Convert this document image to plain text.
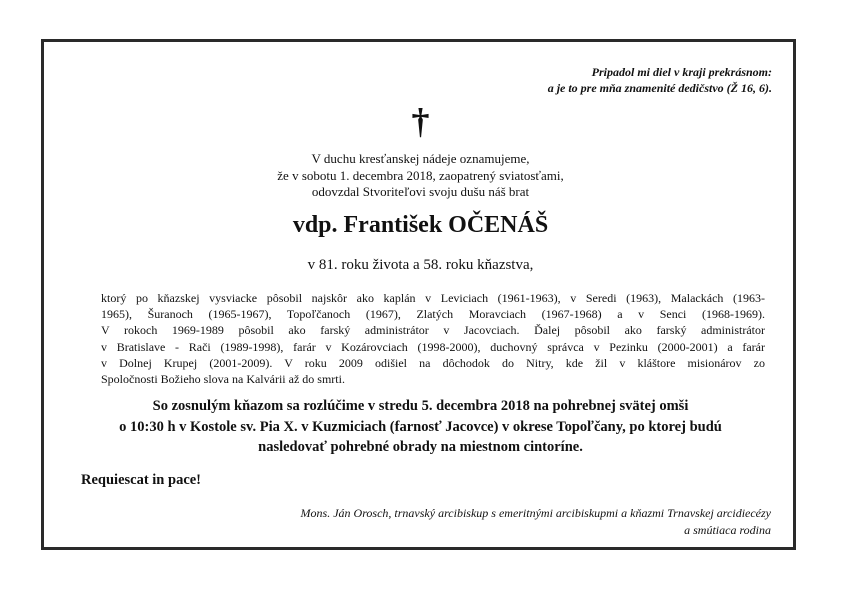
Pripadol mi diel v kraji prekrásnom:
a je to pre mňa znamenité dedičstvo (Ž 16, 6).
†
V duchu kresťanskej nádeje oznamujeme,
že v sobotu 1. decembra 2018, zaopatrený sviatosťami,
odovzdal Stvoriteľovi svoju dušu náš brat
vdp. František OČENÁŠ
v 81. roku života a 58. roku kňazstva,
ktorý po kňazskej vysviacke pôsobil najskôr ako kaplán v Leviciach (1961-1963), v Seredi (1963), Malackách (1963-
1965), Šuranoch (1965-1967), Topoľčanoch (1967), Zlatých Moravciach (1967-1968) a v Senci (1968-1969).
V rokoch 1969-1989 pôsobil ako farský administrátor v Jacovciach. Ďalej pôsobil ako farský administrátor
v Bratislave - Rači (1989-1998), farár v Kozárovciach (1998-2000), duchovný správca v Pezinku (2000-2001) a farár
v Dolnej Krupej (2001-2009). V roku 2009 odišiel na dôchodok do Nitry, kde žil v kláštore misionárov zo
Spoločnosti Božieho slova na Kalvárii až do smrti.
So zosnulým kňazom sa rozlúčime v stredu 5. decembra 2018 na pohrebnej svätej omši
o 10:30 h v Kostole sv. Pia X. v Kuzmiciach (farnosť Jacovce) v okrese Topoľčany, po ktorej budú
nasledovať pohrebné obrady na miestnom cintoríne.
Requiescat in pace!
Mons. Ján Orosch, trnavský arcibiskup s emeritnými arcibiskupmi a kňazmi Trnavskej arcidiecézy
a smútiaca rodina
